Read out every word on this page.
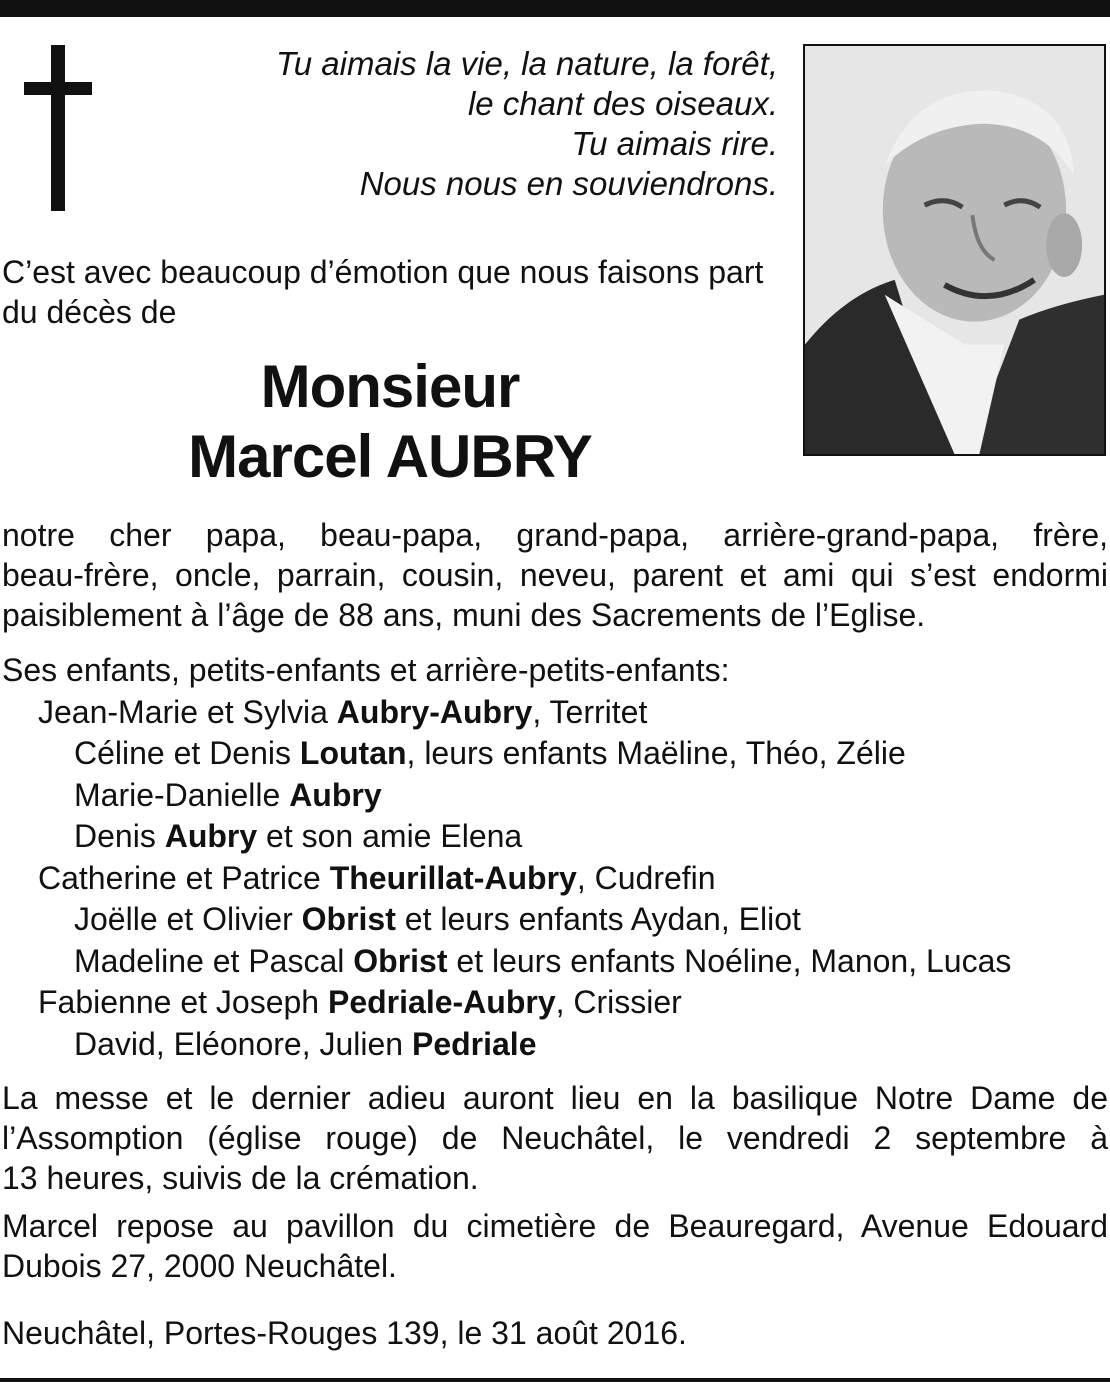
Tu aimais la vie, la nature, la forêt,
le chant des oiseaux.
Tu aimais rire.
Nous nous en souviendrons.
C’est avec beaucoup d’émotion que nous faisons part
du décès de
Monsieur
Marcel AUBRY
notre cher papa, beau-papa, grand-papa, arrière-grand-papa, frère,
beau-frère, oncle, parrain, cousin, neveu, parent et ami qui s’est endormi
paisiblement à l’âge de 88 ans, muni des Sacrements de l’Eglise.
Ses enfants, petits-enfants et arrière-petits-enfants:
Jean-Marie et Sylvia Aubry-Aubry, Territet
Céline et Denis Loutan, leurs enfants Maëline, Théo, Zélie
Marie-Danielle Aubry
Denis Aubry et son amie Elena
Catherine et Patrice Theurillat-Aubry, Cudrefin
Joëlle et Olivier Obrist et leurs enfants Aydan, Eliot
Madeline et Pascal Obrist et leurs enfants Noéline, Manon, Lucas
Fabienne et Joseph Pedriale-Aubry, Crissier
David, Eléonore, Julien Pedriale
La messe et le dernier adieu auront lieu en la basilique Notre Dame de
l’Assomption (église rouge) de Neuchâtel, le vendredi 2 septembre à
13 heures, suivis de la crémation.
Marcel repose au pavillon du cimetière de Beauregard, Avenue Edouard
Dubois 27, 2000 Neuchâtel.
Neuchâtel, Portes-Rouges 139, le 31 août 2016.
